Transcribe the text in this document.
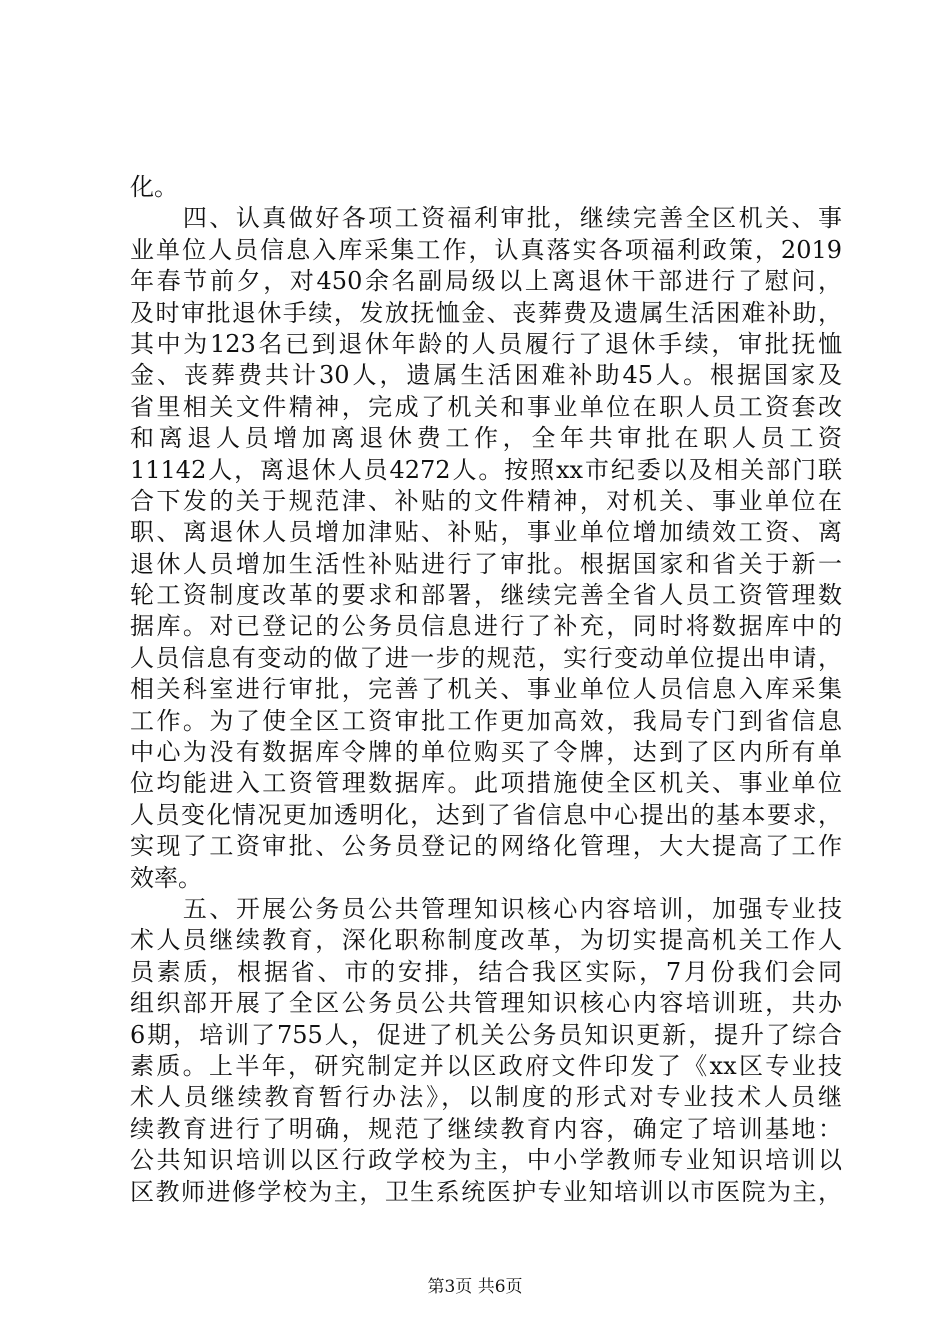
化。
　　四、认真做好各项工资福利审批，继续完善全区机关、事
业单位人员信息入库采集工作，认真落实各项福利政策，2019
年春节前夕，对450余名副局级以上离退休干部进行了慰问，
及时审批退休手续，发放抚恤金、丧葬费及遗属生活困难补助，
其中为123名已到退休年龄的人员履行了退休手续，审批抚恤
金、丧葬费共计30人，遗属生活困难补助45人。根据国家及
省里相关文件精神，完成了机关和事业单位在职人员工资套改
和离退人员增加离退休费工作，全年共审批在职人员工资
11142人，离退休人员4272人。按照xx市纪委以及相关部门联
合下发的关于规范津、补贴的文件精神，对机关、事业单位在
职、离退休人员增加津贴、补贴，事业单位增加绩效工资、离
退休人员增加生活性补贴进行了审批。根据国家和省关于新一
轮工资制度改革的要求和部署，继续完善全省人员工资管理数
据库。对已登记的公务员信息进行了补充，同时将数据库中的
人员信息有变动的做了进一步的规范，实行变动单位提出申请，
相关科室进行审批，完善了机关、事业单位人员信息入库采集
工作。为了使全区工资审批工作更加高效，我局专门到省信息
中心为没有数据库令牌的单位购买了令牌，达到了区内所有单
位均能进入工资管理数据库。此项措施使全区机关、事业单位
人员变化情况更加透明化，达到了省信息中心提出的基本要求，
实现了工资审批、公务员登记的网络化管理，大大提高了工作
效率。
　　五、开展公务员公共管理知识核心内容培训，加强专业技
术人员继续教育，深化职称制度改革，为切实提高机关工作人
员素质，根据省、市的安排，结合我区实际，7月份我们会同
组织部开展了全区公务员公共管理知识核心内容培训班，共办
6期，培训了755人，促进了机关公务员知识更新，提升了综合
素质。上半年，研究制定并以区政府文件印发了《xx区专业技
术人员继续教育暂行办法》，以制度的形式对专业技术人员继
续教育进行了明确，规范了继续教育内容，确定了培训基地：
公共知识培训以区行政学校为主，中小学教师专业知识培训以
区教师进修学校为主，卫生系统医护专业知培训以市医院为主，
第3页 共6页
